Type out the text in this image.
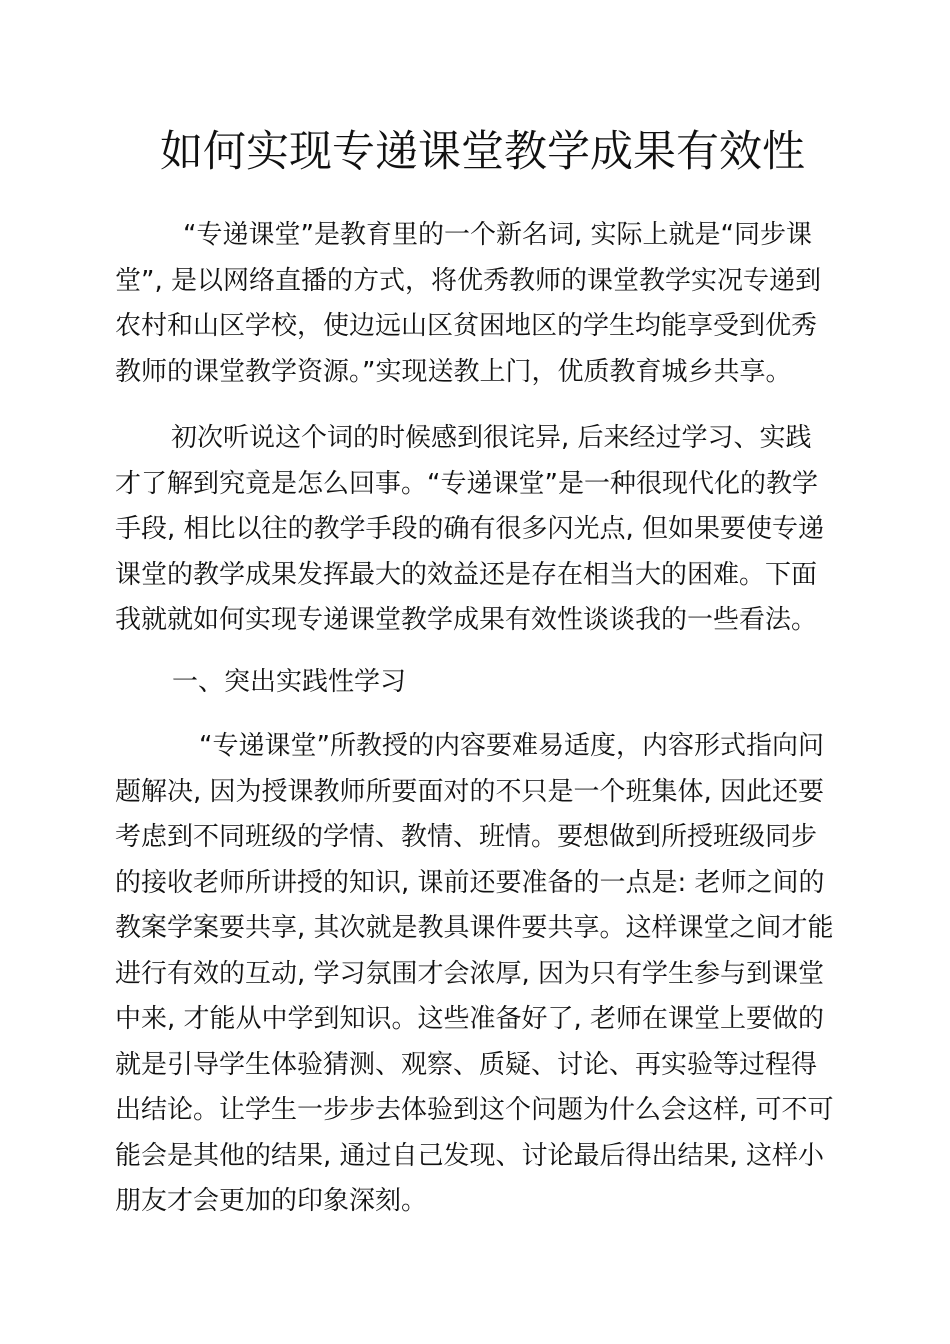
如何实现专递课堂教学成果有效性

“专递课堂”是教育里的一个新名词, 实际上就是“同步课堂”, 是以网络直播的方式，将优秀教师的课堂教学实况专递到农村和山区学校，使边远山区贫困地区的学生均能享受到优秀教师的课堂教学资源。”实现送教上门，优质教育城乡共享。

初次听说这个词的时候感到很诧异, 后来经过学习、实践才了解到究竟是怎么回事。“专递课堂”是一种很现代化的教学手段, 相比以往的教学手段的确有很多闪光点, 但如果要使专递课堂的教学成果发挥最大的效益还是存在相当大的困难。下面我就就如何实现专递课堂教学成果有效性谈谈我的一些看法。

一、突出实践性学习

“专递课堂”所教授的内容要难易适度，内容形式指向问题解决, 因为授课教师所要面对的不只是一个班集体, 因此还要考虑到不同班级的学情、教情、班情。要想做到所授班级同步的接收老师所讲授的知识, 课前还要准备的一点是: 老师之间的教案学案要共享, 其次就是教具课件要共享。这样课堂之间才能进行有效的互动, 学习氛围才会浓厚, 因为只有学生参与到课堂中来, 才能从中学到知识。这些准备好了, 老师在课堂上要做的就是引导学生体验猜测、观察、质疑、讨论、再实验等过程得出结论。让学生一步步去体验到这个问题为什么会这样, 可不可能会是其他的结果, 通过自己发现、讨论最后得出结果, 这样小朋友才会更加的印象深刻。
